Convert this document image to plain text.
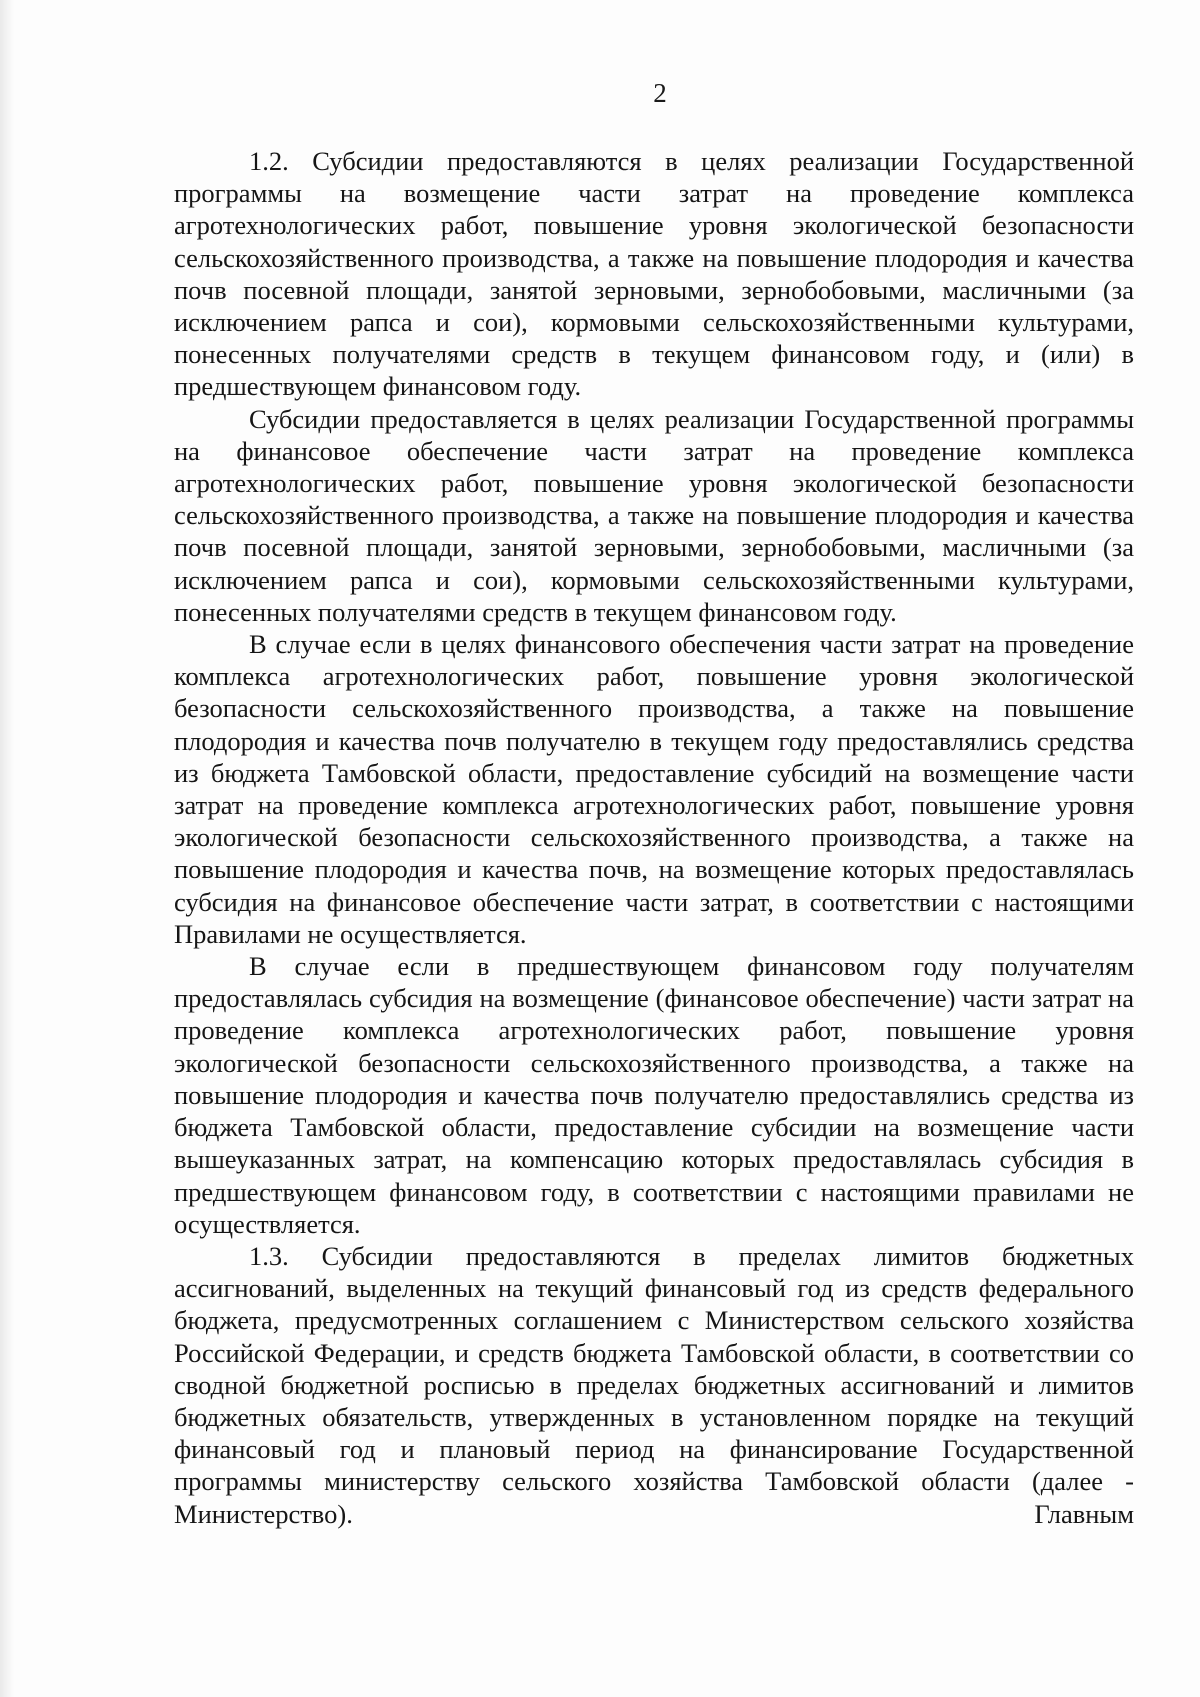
2

1.2. Субсидии предоставляются в целях реализации Государственной программы на возмещение части затрат на проведение комплекса агротехнологических работ, повышение уровня экологической безопасности сельскохозяйственного производства, а также на повышение плодородия и качества почв посевной площади, занятой зерновыми, зернобобовыми, масличными (за исключением рапса и сои), кормовыми сельскохозяйственными культурами, понесенных получателями средств в текущем финансовом году, и (или) в предшествующем финансовом году.

Субсидии предоставляется в целях реализации Государственной программы на финансовое обеспечение части затрат на проведение комплекса агротехнологических работ, повышение уровня экологической безопасности сельскохозяйственного производства, а также на повышение плодородия и качества почв посевной площади, занятой зерновыми, зернобобовыми, масличными (за исключением рапса и сои), кормовыми сельскохозяйственными культурами, понесенных получателями средств в текущем финансовом году.

В случае если в целях финансового обеспечения части затрат на проведение комплекса агротехнологических работ, повышение уровня экологической безопасности сельскохозяйственного производства, а также на повышение плодородия и качества почв получателю в текущем году предоставлялись средства из бюджета Тамбовской области, предоставление субсидий на возмещение части затрат на проведение комплекса агротехнологических работ, повышение уровня экологической безопасности сельскохозяйственного производства, а также на повышение плодородия и качества почв, на возмещение которых предоставлялась субсидия на финансовое обеспечение части затрат, в соответствии с настоящими Правилами не осуществляется.

В случае если в предшествующем финансовом году получателям предоставлялась субсидия на возмещение (финансовое обеспечение) части затрат на проведение комплекса агротехнологических работ, повышение уровня экологической безопасности сельскохозяйственного производства, а также на повышение плодородия и качества почв получателю предоставлялись средства из бюджета Тамбовской области, предоставление субсидии на возмещение части вышеуказанных затрат, на компенсацию которых предоставлялась субсидия в предшествующем финансовом году, в соответствии с настоящими правилами не осуществляется.

1.3. Субсидии предоставляются в пределах лимитов бюджетных ассигнований, выделенных на текущий финансовый год из средств федерального бюджета, предусмотренных соглашением с Министерством сельского хозяйства Российской Федерации, и средств бюджета Тамбовской области, в соответствии со сводной бюджетной росписью в пределах бюджетных ассигнований и лимитов бюджетных обязательств, утвержденных в установленном порядке на текущий финансовый год и плановый период на финансирование Государственной программы министерству сельского хозяйства Тамбовской области (далее - Министерство). Главным
